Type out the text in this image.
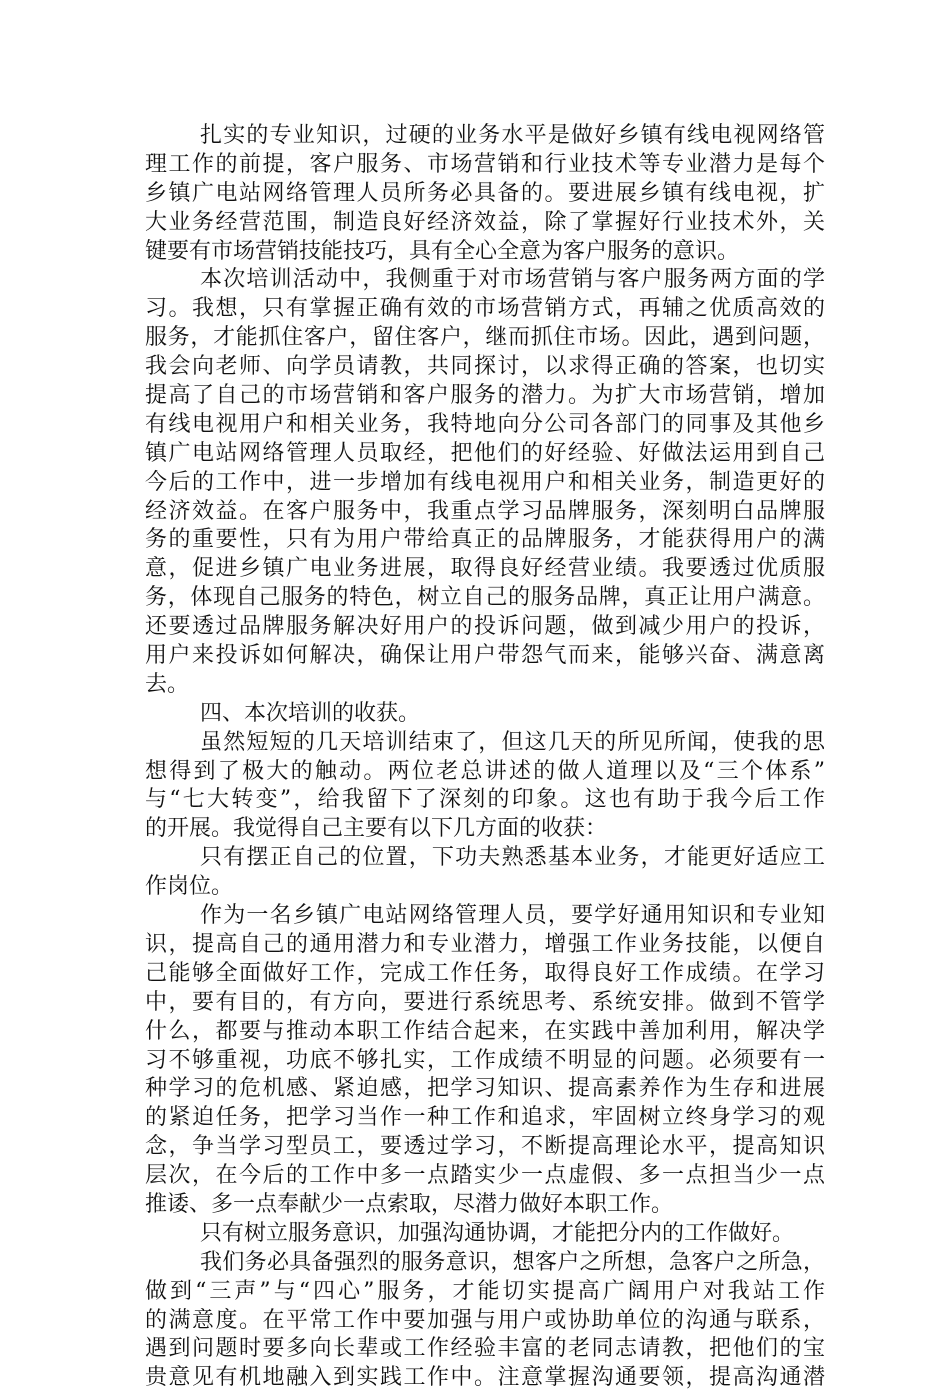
扎实的专业知识，过硬的业务水平是做好乡镇有线电视网络管
理工作的前提，客户服务、市场营销和行业技术等专业潜力是每个
乡镇广电站网络管理人员所务必具备的。要进展乡镇有线电视，扩
大业务经营范围，制造良好经济效益，除了掌握好行业技术外，关
键要有市场营销技能技巧，具有全心全意为客户服务的意识。
本次培训活动中，我侧重于对市场营销与客户服务两方面的学
习。我想，只有掌握正确有效的市场营销方式，再辅之优质高效的
服务，才能抓住客户，留住客户，继而抓住市场。因此，遇到问题，
我会向老师、向学员请教，共同探讨，以求得正确的答案，也切实
提高了自己的市场营销和客户服务的潜力。为扩大市场营销，增加
有线电视用户和相关业务，我特地向分公司各部门的同事及其他乡
镇广电站网络管理人员取经，把他们的好经验、好做法运用到自己
今后的工作中，进一步增加有线电视用户和相关业务，制造更好的
经济效益。在客户服务中，我重点学习品牌服务，深刻明白品牌服
务的重要性，只有为用户带给真正的品牌服务，才能获得用户的满
意，促进乡镇广电业务进展，取得良好经营业绩。我要透过优质服
务，体现自己服务的特色，树立自己的服务品牌，真正让用户满意。
还要透过品牌服务解决好用户的投诉问题，做到减少用户的投诉，
用户来投诉如何解决，确保让用户带怨气而来，能够兴奋、满意离
去。
四、本次培训的收获。
虽然短短的几天培训结束了，但这几天的所见所闻，使我的思
想得到了极大的触动。两位老总讲述的做人道理以及“三个体系”
与“七大转变”，给我留下了深刻的印象。这也有助于我今后工作
的开展。我觉得自己主要有以下几方面的收获：
只有摆正自己的位置，下功夫熟悉基本业务，才能更好适应工
作岗位。
作为一名乡镇广电站网络管理人员，要学好通用知识和专业知
识，提高自己的通用潜力和专业潜力，增强工作业务技能，以便自
己能够全面做好工作，完成工作任务，取得良好工作成绩。在学习
中，要有目的，有方向，要进行系统思考、系统安排。做到不管学
什么，都要与推动本职工作结合起来，在实践中善加利用，解决学
习不够重视，功底不够扎实，工作成绩不明显的问题。必须要有一
种学习的危机感、紧迫感，把学习知识、提高素养作为生存和进展
的紧迫任务，把学习当作一种工作和追求，牢固树立终身学习的观
念，争当学习型员工，要透过学习，不断提高理论水平，提高知识
层次，在今后的工作中多一点踏实少一点虚假、多一点担当少一点
推诿、多一点奉献少一点索取，尽潜力做好本职工作。
只有树立服务意识，加强沟通协调，才能把分内的工作做好。
我们务必具备强烈的服务意识，想客户之所想，急客户之所急，
做到“三声”与“四心”服务，才能切实提高广阔用户对我站工作
的满意度。在平常工作中要加强与用户或协助单位的沟通与联系，
遇到问题时要多向长辈或工作经验丰富的老同志请教，把他们的宝
贵意见有机地融入到实践工作中。注意掌握沟通要领，提高沟通潜
